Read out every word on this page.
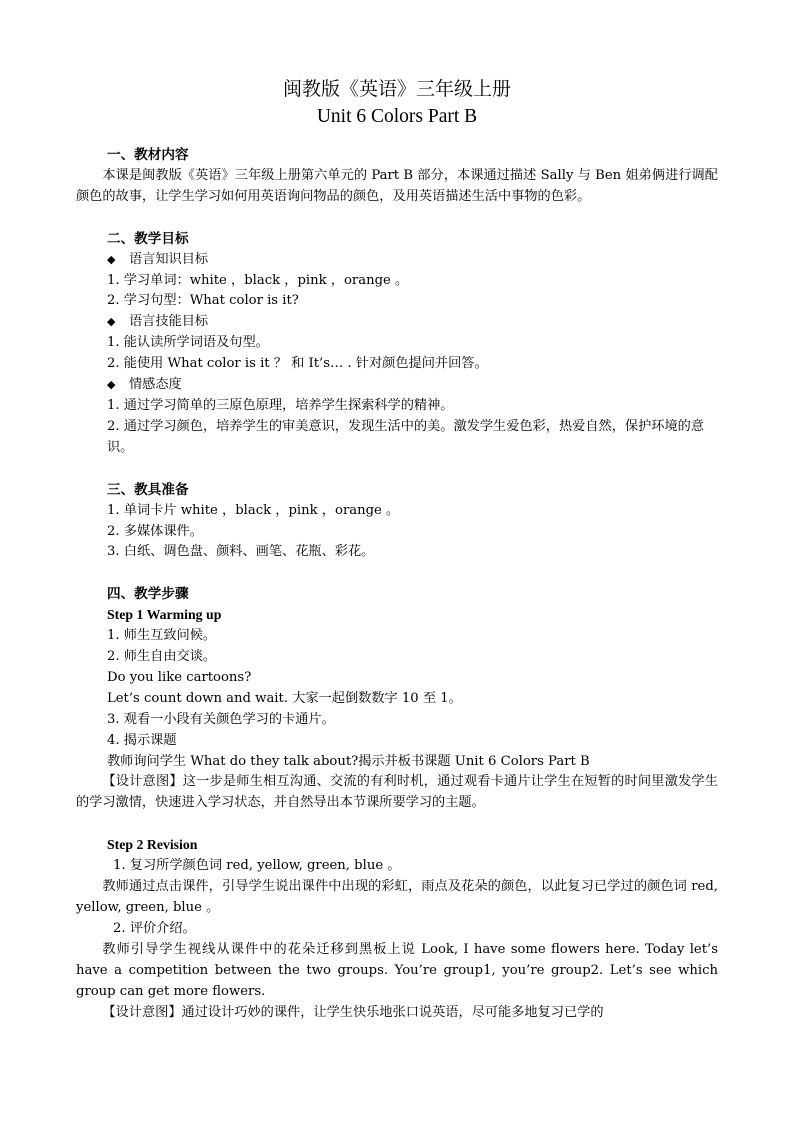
闽教版《英语》三年级上册
Unit 6 Colors Part B
一、教材内容
本课是闽教版《英语》三年级上册第六单元的 Part B 部分，本课通过描述 Sally 与 Ben 姐弟俩进行调配颜色的故事，让学生学习如何用英语询问物品的颜色，及用英语描述生活中事物的色彩。
二、教学目标
◆ 语言知识目标
1. 学习单词：white ，black ，pink ，orange 。
2. 学习句型：What color is it?
◆ 语言技能目标
1. 能认读所学词语及句型。
2. 能使用 What color is it ？ 和 It’s… . 针对颜色提问并回答。
◆ 情感态度
1. 通过学习简单的三原色原理，培养学生探索科学的精神。
2. 通过学习颜色，培养学生的审美意识，发现生活中的美。激发学生爱色彩，热爱自然，保护环境的意识。
三、教具准备
1. 单词卡片 white ，black ，pink ，orange 。
2. 多媒体课件。
3. 白纸、调色盘、颜料、画笔、花瓶、彩花。
四、教学步骤
Step 1 Warming up
1. 师生互致问候。
2. 师生自由交谈。
Do you like cartoons?
Let’s count down and wait. 大家一起倒数数字 10 至 1。
3. 观看一小段有关颜色学习的卡通片。
4. 揭示课题
教师询问学生 What do they talk about?揭示并板书课题 Unit 6 Colors Part B
【设计意图】这一步是师生相互沟通、交流的有利时机，通过观看卡通片让学生在短暂的时间里激发学生的学习激情，快速进入学习状态，并自然导出本节课所要学习的主题。
Step 2 Revision
1. 复习所学颜色词 red, yellow, green, blue 。
教师通过点击课件，引导学生说出课件中出现的彩虹，雨点及花朵的颜色，以此复习已学过的颜色词 red, yellow, green, blue 。
2. 评价介绍。
教师引导学生视线从课件中的花朵迁移到黑板上说 Look, I have some flowers here. Today let’s have a competition between the two groups. You’re group1, you’re group2. Let’s see which group can get more flowers.
【设计意图】通过设计巧妙的课件，让学生快乐地张口说英语，尽可能多地复习已学的
